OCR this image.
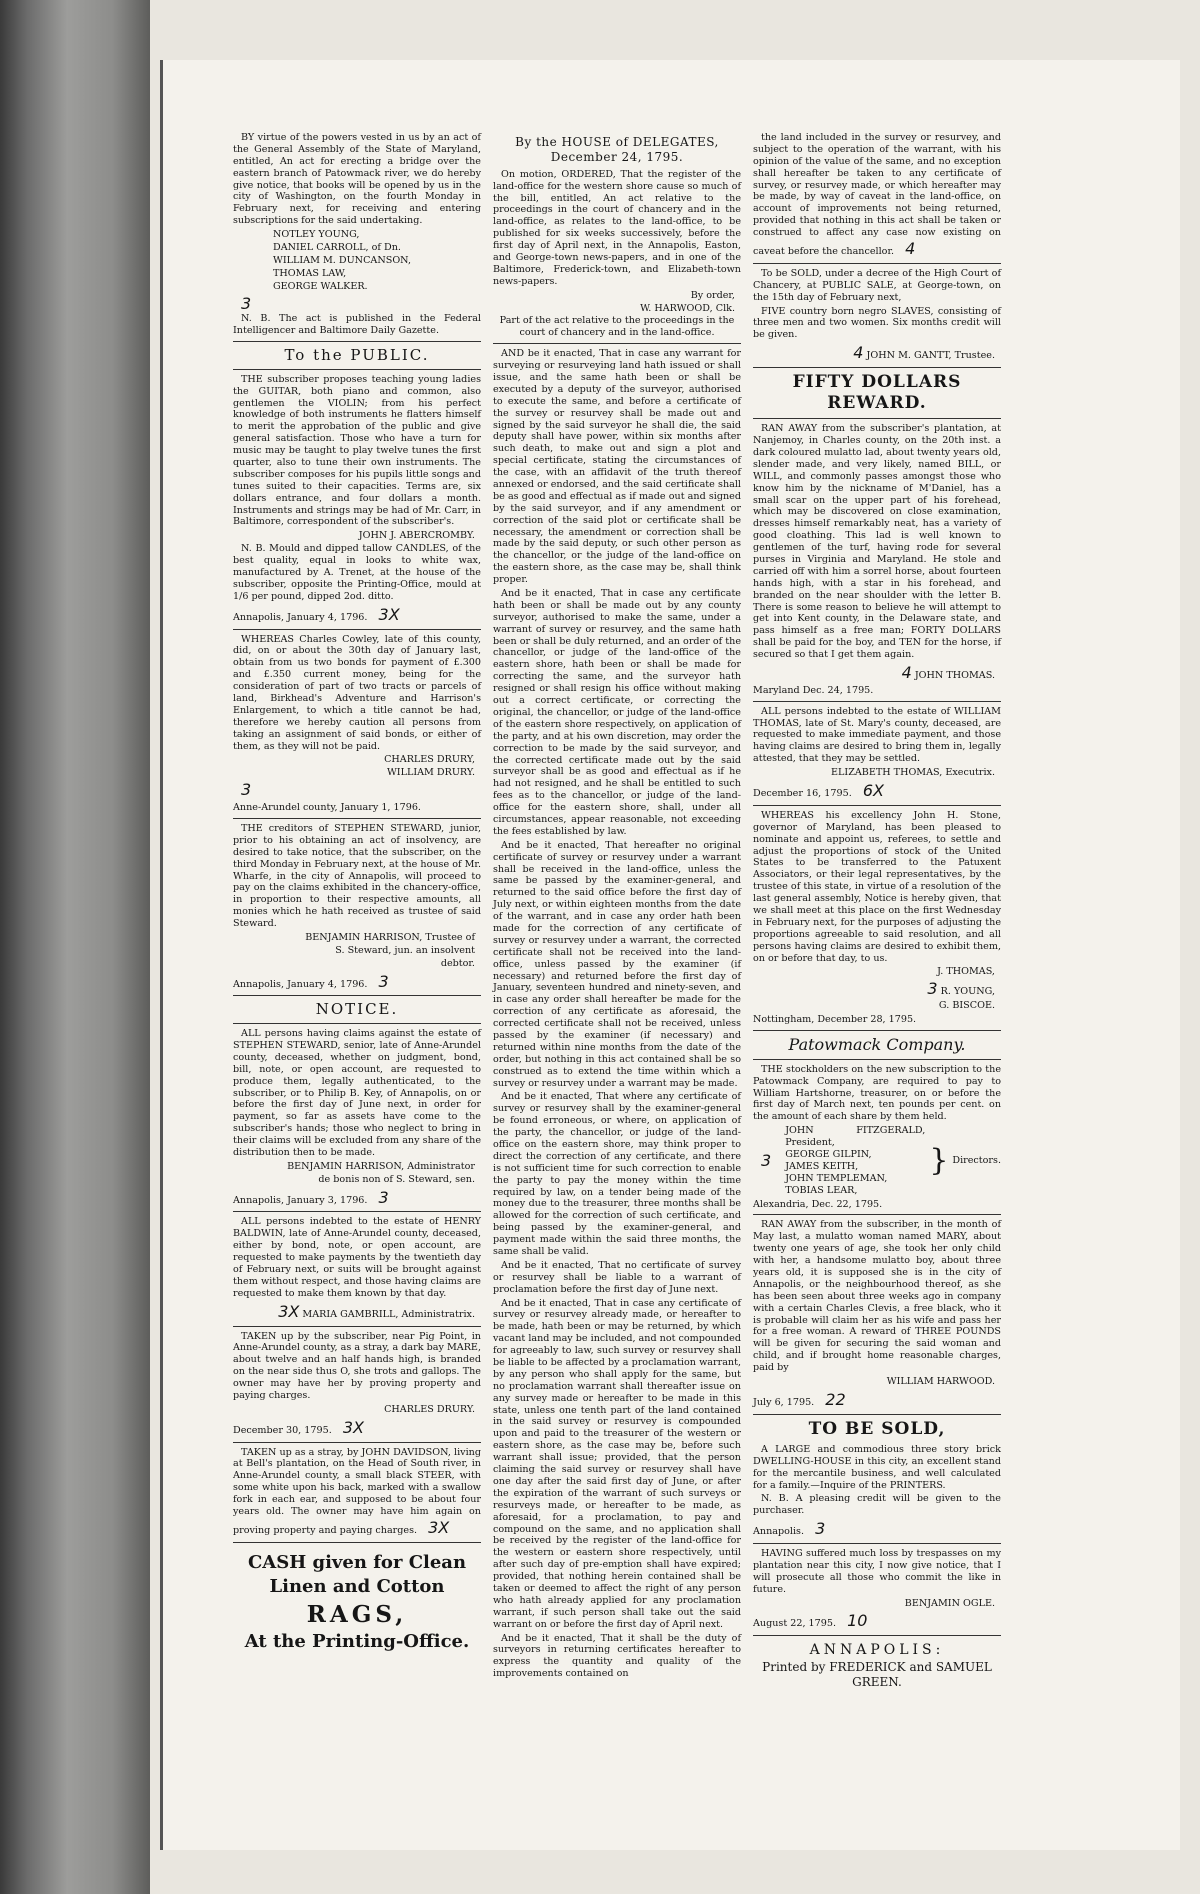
BY virtue of the powers vested in us by an act of the General Assembly of the State of Maryland, entitled, An act for erecting a bridge over the eastern branch of Patowmack river, we do hereby give notice, that books will be opened by us in the city of Washington, on the fourth Monday in February next, for receiving and entering subscriptions for the said undertaking.

NOTLEY YOUNG,
DANIEL CARROLL, of Dn.
WILLIAM M. DUNCANSON,
THOMAS LAW,
GEORGE WALKER.
3

N. B. The act is published in the Federal Intelligencer and Baltimore Daily Gazette.

To the PUBLIC.

THE subscriber proposes teaching young ladies the GUITAR, both piano and common, also gentlemen the VIOLIN; from his perfect knowledge of both instruments he flatters himself to merit the approbation of the public and give general satisfaction. Those who have a turn for music may be taught to play twelve tunes the first quarter, also to tune their own instruments. The subscriber composes for his pupils little songs and tunes suited to their capacities. Terms are, six dollars entrance, and four dollars a month. Instruments and strings may be had of Mr. Carr, in Baltimore, correspondent of the subscriber's.

JOHN J. ABERCROMBY.

N. B. Mould and dipped tallow CANDLES, of the best quality, equal in looks to white wax, manufactured by A. Trenet, at the house of the subscriber, opposite the Printing-Office, mould at 1/6 per pound, dipped 2od. ditto.

Annapolis, January 4, 1796. 3X

WHEREAS Charles Cowley, late of this county, did, on or about the 30th day of January last, obtain from us two bonds for payment of £.300 and £.350 current money, being for the consideration of part of two tracts or parcels of land, Birkhead's Adventure and Harrison's Enlargement, to which a title cannot be had, therefore we hereby caution all persons from taking an assignment of said bonds, or either of them, as they will not be paid.

CHARLES DRURY,
WILLIAM DRURY.
3
Anne-Arundel county, January 1, 1796.

THE creditors of STEPHEN STEWARD, junior, prior to his obtaining an act of insolvency, are desired to take notice, that the subscriber, on the third Monday in February next, at the house of Mr. Wharfe, in the city of Annapolis, will proceed to pay on the claims exhibited in the chancery-office, in proportion to their respective amounts, all monies which he hath received as trustee of said Steward.

BENJAMIN HARRISON, Trustee of
S. Steward, jun. an insolvent
debtor.
Annapolis, January 4, 1796. 3
NOTICE.

ALL persons having claims against the estate of STEPHEN STEWARD, senior, late of Anne-Arundel county, deceased, whether on judgment, bond, bill, note, or open account, are requested to produce them, legally authenticated, to the subscriber, or to Philip B. Key, of Annapolis, on or before the first day of June next, in order for payment, so far as assets have come to the subscriber's hands; those who neglect to bring in their claims will be excluded from any share of the distribution then to be made.

BENJAMIN HARRISON, Administrator
de bonis non of S. Steward, sen.
Annapolis, January 3, 1796. 3

ALL persons indebted to the estate of HENRY BALDWIN, late of Anne-Arundel county, deceased, either by bond, note, or open account, are requested to make payments by the twentieth day of February next, or suits will be brought against them without respect, and those having claims are requested to make them known by that day.

3X MARIA GAMBRILL, Administratrix.

TAKEN up by the subscriber, near Pig Point, in Anne-Arundel county, as a stray, a dark bay MARE, about twelve and an half hands high, is branded on the near side thus O, she trots and gallops. The owner may have her by proving property and paying charges.

CHARLES DRURY.
December 30, 1795. 3X

TAKEN up as a stray, by JOHN DAVIDSON, living at Bell's plantation, on the Head of South river, in Anne-Arundel county, a small black STEER, with some white upon his back, marked with a swallow fork in each ear, and supposed to be about four years old. The owner may have him again on proving property and paying charges. 3X

CASH given for Clean
Linen and Cotton
RAGS,
At the Printing-Office.
By the HOUSE of DELEGATES, December 24, 1795.

On motion, ORDERED, That the register of the land-office for the western shore cause so much of the bill, entitled, An act relative to the proceedings in the court of chancery and in the land-office, as relates to the land-office, to be published for six weeks successively, before the first day of April next, in the Annapolis, Easton, and George-town news-papers, and in one of the Baltimore, Frederick-town, and Elizabeth-town news-papers.

By order,
W. HARWOOD, Clk.

Part of the act relative to the proceedings in the court of chancery and in the land-office.

AND be it enacted, That in case any warrant for surveying or resurveying land hath issued or shall issue, and the same hath been or shall be executed by a deputy of the surveyor, authorised to execute the same, and before a certificate of the survey or resurvey shall be made out and signed by the said surveyor he shall die, the said deputy shall have power, within six months after such death, to make out and sign a plot and special certificate, stating the circumstances of the case, with an affidavit of the truth thereof annexed or endorsed, and the said certificate shall be as good and effectual as if made out and signed by the said surveyor, and if any amendment or correction of the said plot or certificate shall be necessary, the amendment or correction shall be made by the said deputy, or such other person as the chancellor, or the judge of the land-office on the eastern shore, as the case may be, shall think proper.

And be it enacted, That in case any certificate hath been or shall be made out by any county surveyor, authorised to make the same, under a warrant of survey or resurvey, and the same hath been or shall be duly returned, and an order of the chancellor, or judge of the land-office of the eastern shore, hath been or shall be made for correcting the same, and the surveyor hath resigned or shall resign his office without making out a correct certificate, or correcting the original, the chancellor, or judge of the land-office of the eastern shore respectively, on application of the party, and at his own discretion, may order the correction to be made by the said surveyor, and the corrected certificate made out by the said surveyor shall be as good and effectual as if he had not resigned, and he shall be entitled to such fees as to the chancellor, or judge of the land-office for the eastern shore, shall, under all circumstances, appear reasonable, not exceeding the fees established by law.

And be it enacted, That hereafter no original certificate of survey or resurvey under a warrant shall be received in the land-office, unless the same be passed by the examiner-general, and returned to the said office before the first day of July next, or within eighteen months from the date of the warrant, and in case any order hath been made for the correction of any certificate of survey or resurvey under a warrant, the corrected certificate shall not be received into the land-office, unless passed by the examiner (if necessary) and returned before the first day of January, seventeen hundred and ninety-seven, and in case any order shall hereafter be made for the correction of any certificate as aforesaid, the corrected certificate shall not be received, unless passed by the examiner (if necessary) and returned within nine months from the date of the order, but nothing in this act contained shall be so construed as to extend the time within which a survey or resurvey under a warrant may be made.

And be it enacted, That where any certificate of survey or resurvey shall by the examiner-general be found erroneous, or where, on application of the party, the chancellor, or judge of the land-office on the eastern shore, may think proper to direct the correction of any certificate, and there is not sufficient time for such correction to enable the party to pay the money within the time required by law, on a tender being made of the money due to the treasurer, three months shall be allowed for the correction of such certificate, and being passed by the examiner-general, and payment made within the said three months, the same shall be valid.

And be it enacted, That no certificate of survey or resurvey shall be liable to a warrant of proclamation before the first day of June next.

And be it enacted, That in case any certificate of survey or resurvey already made, or hereafter to be made, hath been or may be returned, by which vacant land may be included, and not compounded for agreeably to law, such survey or resurvey shall be liable to be affected by a proclamation warrant, by any person who shall apply for the same, but no proclamation warrant shall thereafter issue on any survey made or hereafter to be made in this state, unless one tenth part of the land contained in the said survey or resurvey is compounded upon and paid to the treasurer of the western or eastern shore, as the case may be, before such warrant shall issue; provided, that the person claiming the said survey or resurvey shall have one day after the said first day of June, or after the expiration of the warrant of such surveys or resurveys made, or hereafter to be made, as aforesaid, for a proclamation, to pay and compound on the same, and no application shall be received by the register of the land-office for the western or eastern shore respectively, until after such day of pre-emption shall have expired; provided, that nothing herein contained shall be taken or deemed to affect the right of any person who hath already applied for any proclamation warrant, if such person shall take out the said warrant on or before the first day of April next.

And be it enacted, That it shall be the duty of surveyors in returning certificates hereafter to express the quantity and quality of the improvements contained on

the land included in the survey or resurvey, and subject to the operation of the warrant, with his opinion of the value of the same, and no exception shall hereafter be taken to any certificate of survey, or resurvey made, or which hereafter may be made, by way of caveat in the land-office, on account of improvements not being returned, provided that nothing in this act shall be taken or construed to affect any case now existing on caveat before the chancellor. 4

To be SOLD, under a decree of the High Court of Chancery, at PUBLIC SALE, at George-town, on the 15th day of February next,

FIVE country born negro SLAVES, consisting of three men and two women. Six months credit will be given.

4 JOHN M. GANTT, Trustee.
FIFTY DOLLARS REWARD.

RAN AWAY from the subscriber's plantation, at Nanjemoy, in Charles county, on the 20th inst. a dark coloured mulatto lad, about twenty years old, slender made, and very likely, named BILL, or WILL, and commonly passes amongst those who know him by the nickname of M'Daniel, has a small scar on the upper part of his forehead, which may be discovered on close examination, dresses himself remarkably neat, has a variety of good cloathing. This lad is well known to gentlemen of the turf, having rode for several purses in Virginia and Maryland. He stole and carried off with him a sorrel horse, about fourteen hands high, with a star in his forehead, and branded on the near shoulder with the letter B. There is some reason to believe he will attempt to get into Kent county, in the Delaware state, and pass himself as a free man; FORTY DOLLARS shall be paid for the boy, and TEN for the horse, if secured so that I get them again.

4 JOHN THOMAS.
Maryland Dec. 24, 1795.

ALL persons indebted to the estate of WILLIAM THOMAS, late of St. Mary's county, deceased, are requested to make immediate payment, and those having claims are desired to bring them in, legally attested, that they may be settled.

ELIZABETH THOMAS, Executrix.
December 16, 1795. 6X

WHEREAS his excellency John H. Stone, governor of Maryland, has been pleased to nominate and appoint us, referees, to settle and adjust the proportions of stock of the United States to be transferred to the Patuxent Associators, or their legal representatives, by the trustee of this state, in virtue of a resolution of the last general assembly, Notice is hereby given, that we shall meet at this place on the first Wednesday in February next, for the purposes of adjusting the proportions agreeable to said resolution, and all persons having claims are desired to exhibit them, on or before that day, to us.

J. THOMAS,
3 R. YOUNG,
G. BISCOE.
Nottingham, December 28, 1795.
Patowmack Company.

THE stockholders on the new subscription to the Patowmack Company, are required to pay to William Hartshorne, treasurer, on or before the first day of March next, ten pounds per cent. on the amount of each share by them held.

3
JOHN FITZGERALD, President,
GEORGE GILPIN,
JAMES KEITH,
JOHN TEMPLEMAN,
TOBIAS LEAR,
} Directors.
Alexandria, Dec. 22, 1795.

RAN AWAY from the subscriber, in the month of May last, a mulatto woman named MARY, about twenty one years of age, she took her only child with her, a handsome mulatto boy, about three years old, it is supposed she is in the city of Annapolis, or the neighbourhood thereof, as she has been seen about three weeks ago in company with a certain Charles Clevis, a free black, who it is probable will claim her as his wife and pass her for a free woman. A reward of THREE POUNDS will be given for securing the said woman and child, and if brought home reasonable charges, paid by

WILLIAM HARWOOD.
July 6, 1795. 22
TO BE SOLD,

A LARGE and commodious three story brick DWELLING-HOUSE in this city, an excellent stand for the mercantile business, and well calculated for a family.—Inquire of the PRINTERS.

N. B. A pleasing credit will be given to the purchaser.

Annapolis. 3

HAVING suffered much loss by trespasses on my plantation near this city, I now give notice, that I will prosecute all those who commit the like in future.

BENJAMIN OGLE.
August 22, 1795. 10
ANNAPOLIS:
Printed by FREDERICK and SAMUEL GREEN.
